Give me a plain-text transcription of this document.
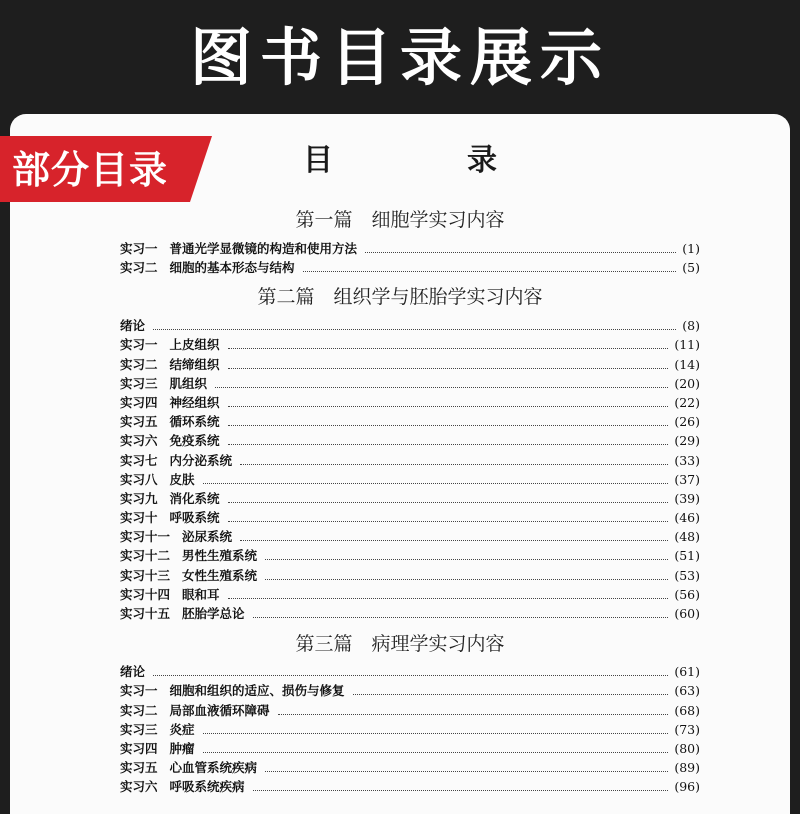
图书目录展示
部分目录	目　录
第一篇　细胞学实习内容
实习一 普通光学显微镜的构造和使用方法	(1)
实习二 细胞的基本形态与结构	(5)
第二篇　组织学与胚胎学实习内容
绪论	(8)
实习一 上皮组织	(11)
实习二 结缔组织	(14)
实习三 肌组织	(20)
实习四 神经组织	(22)
实习五 循环系统	(26)
实习六 免疫系统	(29)
实习七 内分泌系统	(33)
实习八 皮肤	(37)
实习九 消化系统	(39)
实习十 呼吸系统	(46)
实习十一 泌尿系统	(48)
实习十二 男性生殖系统	(51)
实习十三 女性生殖系统	(53)
实习十四 眼和耳	(56)
实习十五 胚胎学总论	(60)
第三篇　病理学实习内容
绪论	(61)
实习一 细胞和组织的适应、损伤与修复	(63)
实习二 局部血液循环障碍	(68)
实习三 炎症	(73)
实习四 肿瘤	(80)
实习五 心血管系统疾病	(89)
实习六 呼吸系统疾病	(96)
